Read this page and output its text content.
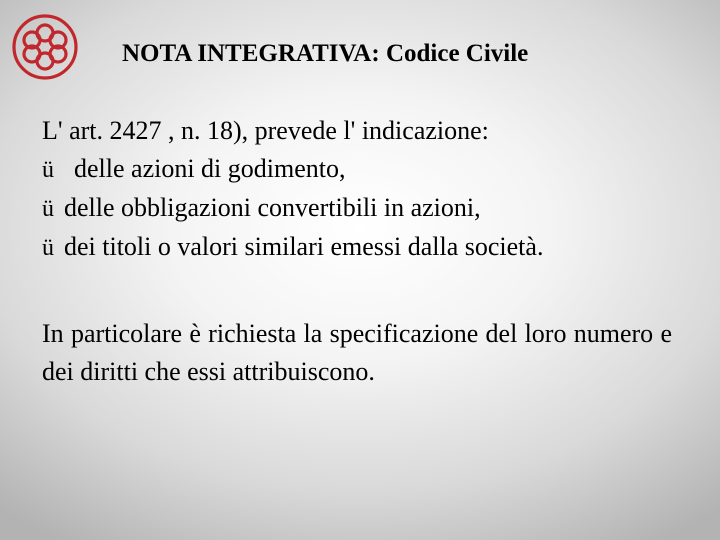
NOTA INTEGRATIVA: Codice Civile
L' art. 2427 , n. 18), prevede l' indicazione:
ü delle azioni di godimento,
ü delle obbligazioni convertibili in azioni,
ü dei titoli o valori similari emessi dalla società.
In particolare è richiesta la specificazione del loro numero e dei diritti che essi attribuiscono.
